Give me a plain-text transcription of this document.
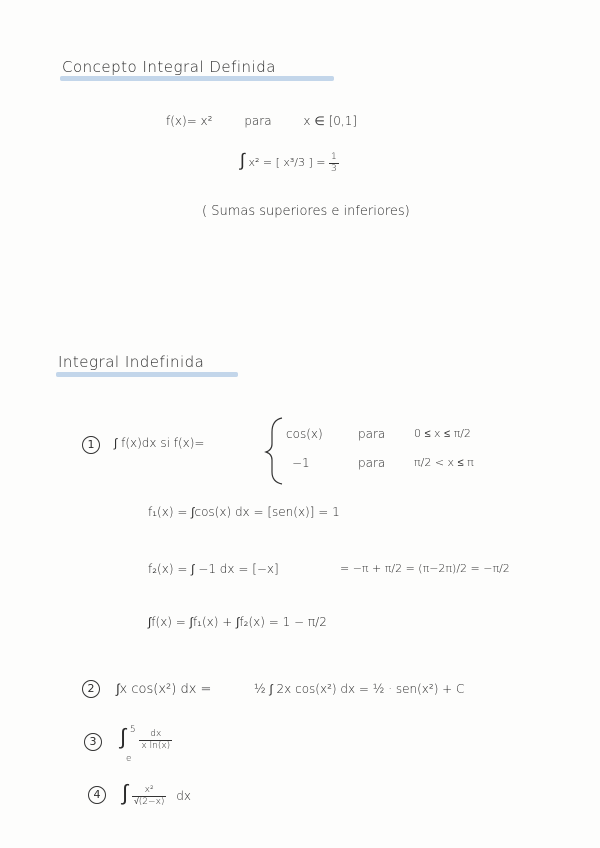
Concepto Integral Definida
f(x)= x²	para	x ∈ [0,1]
∫ x² = [ x³/3 ] = $\frac{1}{3}$
( Sumas superiores e inferiores)
Integral Indefinida
1	∫ f(x)dx si f(x)=
cos(x)	para	0 ≤ x ≤ π/2
−1	para	π/2 < x ≤ π
f₁(x) = ∫cos(x) dx = [sen(x)] = 1
f₂(x) = ∫ −1 dx = [−x]	= −π + π/2 = (π−2π)/2 = −π/2
∫f(x) = ∫f₁(x) + ∫f₂(x) = 1 − π/2
2	∫x cos(x²) dx =	½ ∫ 2x cos(x²) dx = ½ · sen(x²) + C
3 ∫ $^5 \frac{dx}{\text{x ln(x)}}$
e
4 ∫ $\frac{\text{x²}}{√(2-x)}$ dx
